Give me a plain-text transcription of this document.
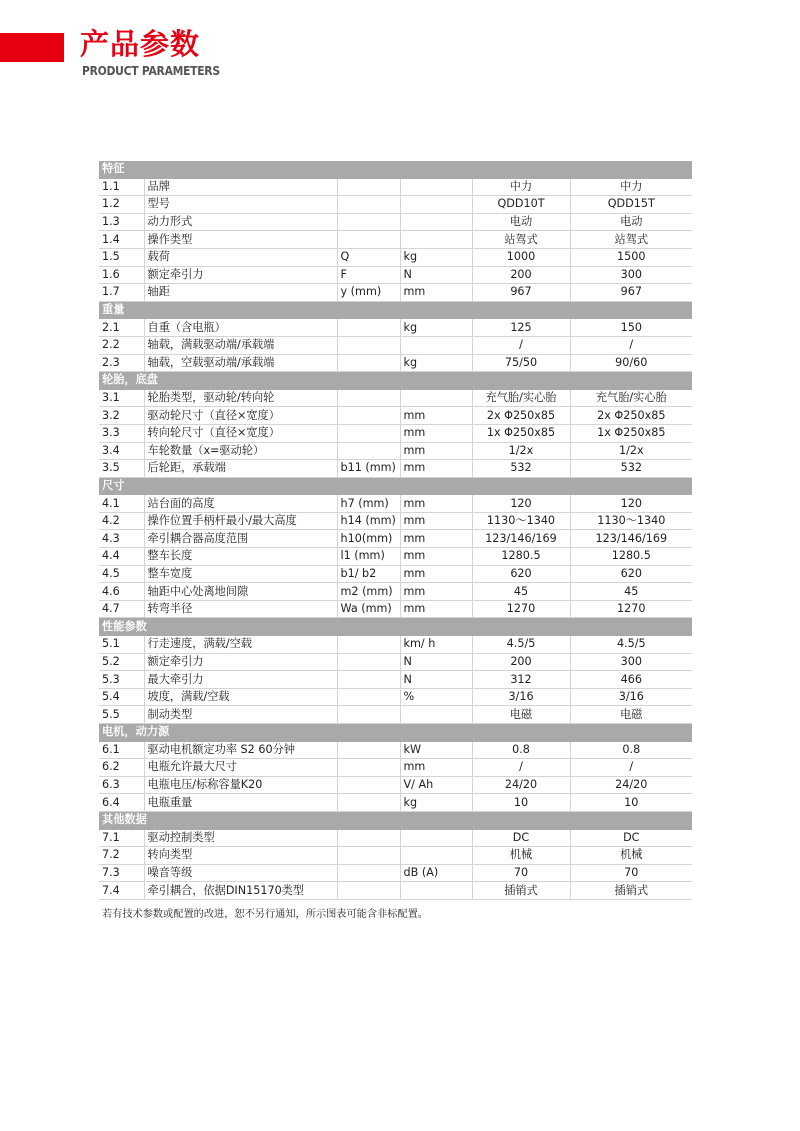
产品参数
PRODUCT PARAMETERS
特征					
1.1	品牌			中力	中力
1.2	型号			QDD10T	QDD15T
1.3	动力形式			电动	电动
1.4	操作类型			站驾式	站驾式
1.5	载荷	Q	kg	1000	1500
1.6	额定牵引力	F	N	200	300
1.7	轴距	y (mm)	mm	967	967
重量					
2.1	自重（含电瓶）		kg	125	150
2.2	轴载，满载驱动端/承载端			/	/
2.3	轴载，空载驱动端/承载端		kg	75/50	90/60
轮胎，底盘					
3.1	轮胎类型，驱动轮/转向轮			充气胎/实心胎	充气胎/实心胎
3.2	驱动轮尺寸（直径×宽度）		mm	2x Φ250x85	2x Φ250x85
3.3	转向轮尺寸（直径×宽度）		mm	1x Φ250x85	1x Φ250x85
3.4	车轮数量（x=驱动轮）		mm	1/2x	1/2x
3.5	后轮距，承载端	b11 (mm)	mm	532	532
尺寸					
4.1	站台面的高度	h7 (mm)	mm	120	120
4.2	操作位置手柄杆最小/最大高度	h14 (mm)	mm	1130～1340	1130～1340
4.3	牵引耦合器高度范围	h10(mm)	mm	123/146/169	123/146/169
4.4	整车长度	l1 (mm)	mm	1280.5	1280.5
4.5	整车宽度	b1/ b2	mm	620	620
4.6	轴距中心处离地间隙	m2 (mm)	mm	45	45
4.7	转弯半径	Wa (mm)	mm	1270	1270
性能参数					
5.1	行走速度，满载/空载		km/ h	4.5/5	4.5/5
5.2	额定牵引力		N	200	300
5.3	最大牵引力		N	312	466
5.4	坡度，满载/空载		%	3/16	3/16
5.5	制动类型			电磁	电磁
电机，动力源					
6.1	驱动电机额定功率 S2 60分钟		kW	0.8	0.8
6.2	电瓶允许最大尺寸		mm	/	/
6.3	电瓶电压/标称容量K20		V/ Ah	24/20	24/20
6.4	电瓶重量		kg	10	10
其他数据					
7.1	驱动控制类型			DC	DC
7.2	转向类型			机械	机械
7.3	噪音等级		dB (A)	70	70
7.4	牵引耦合，依据DIN15170类型			插销式	插销式
若有技术参数或配置的改进，恕不另行通知，所示图表可能含非标配置。
